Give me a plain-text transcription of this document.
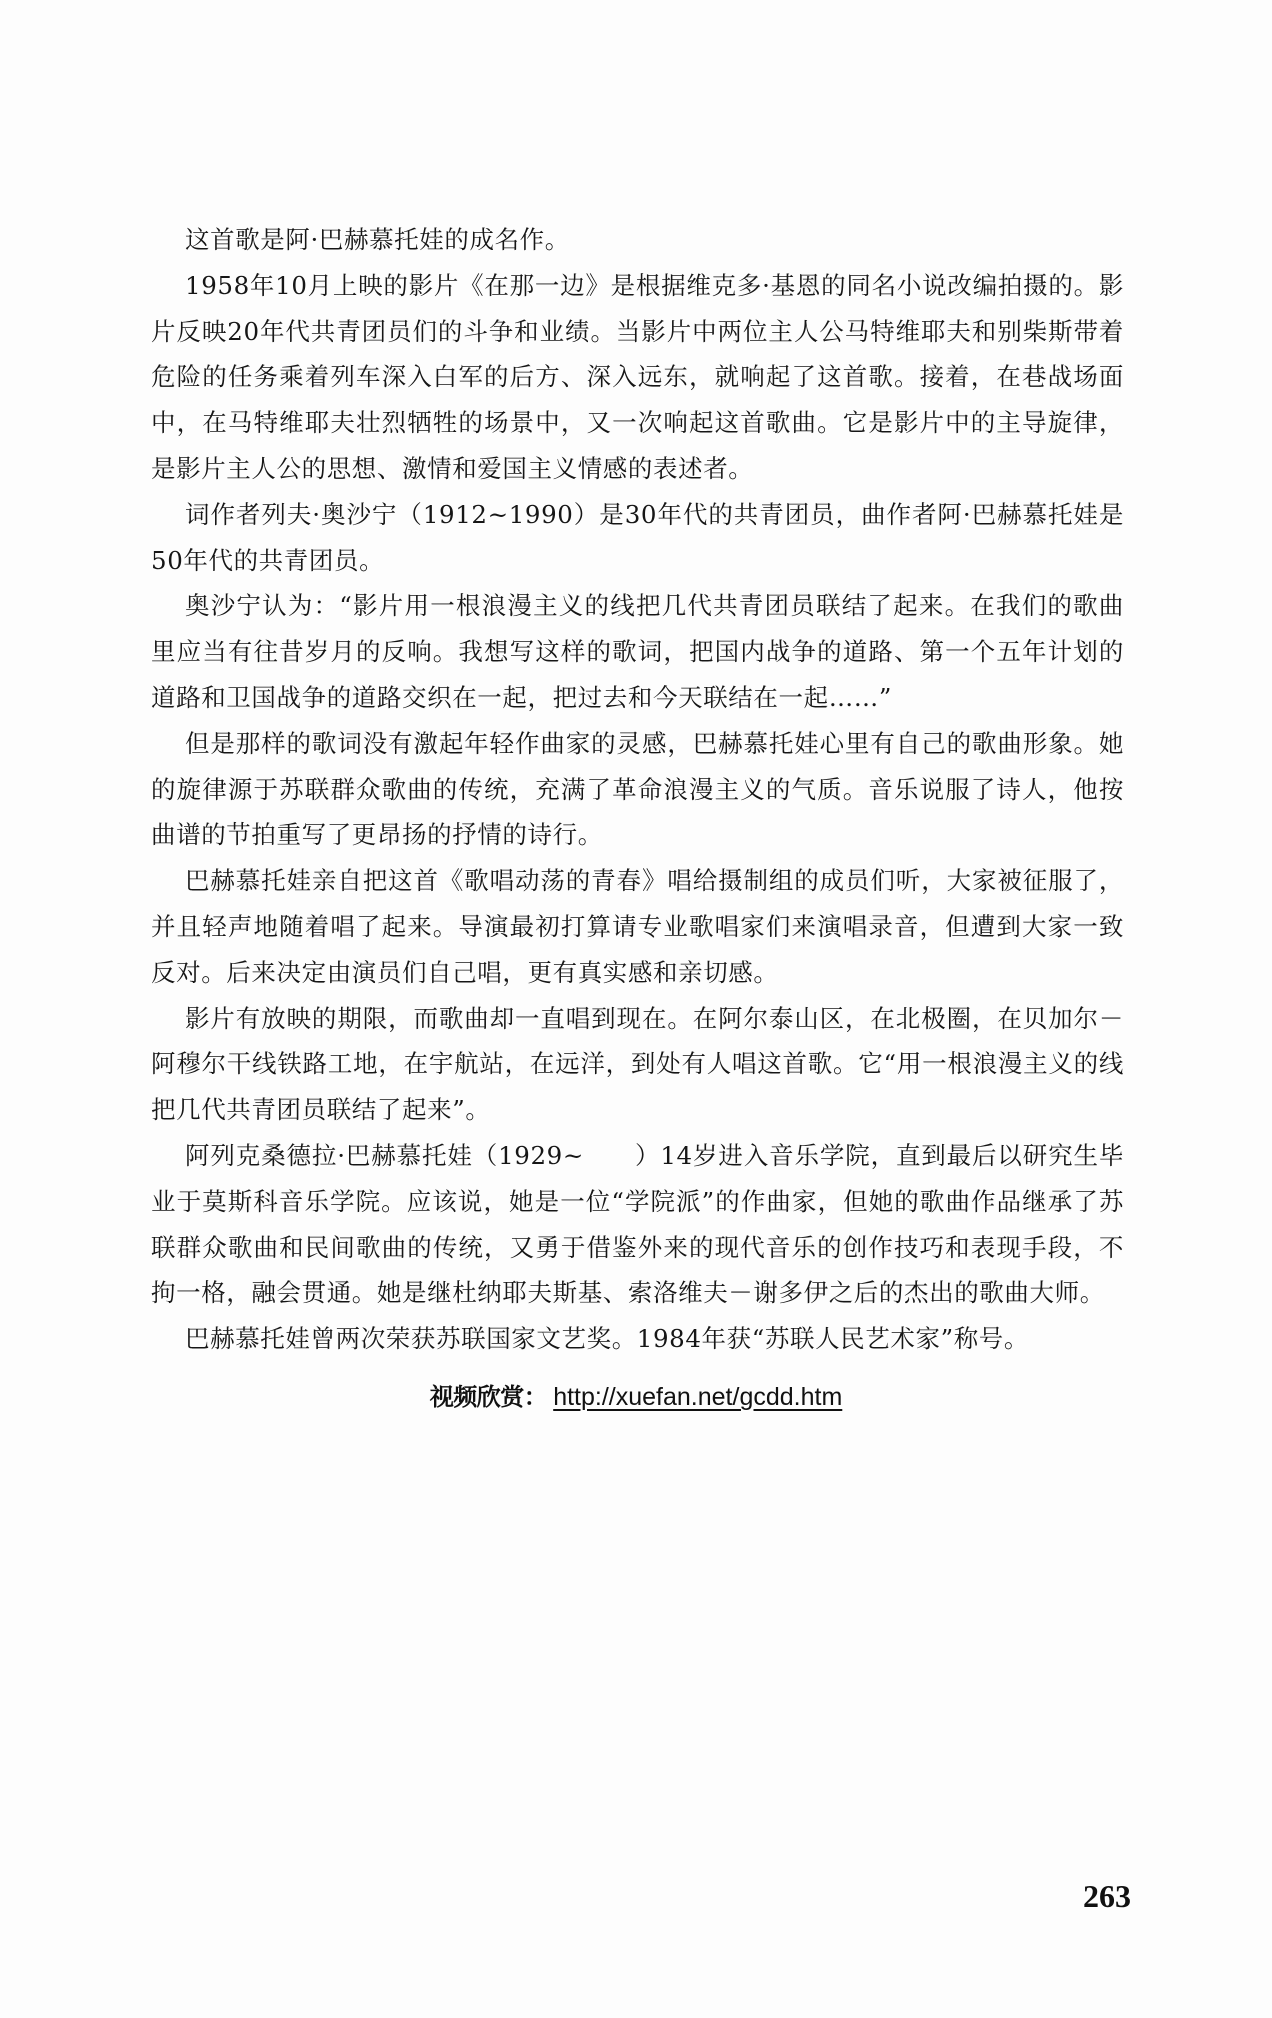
这首歌是阿·巴赫慕托娃的成名作。

1958年10月上映的影片《在那一边》是根据维克多·基恩的同名小说改编拍摄的。影片反映20年代共青团员们的斗争和业绩。当影片中两位主人公马特维耶夫和别柴斯带着危险的任务乘着列车深入白军的后方、深入远东，就响起了这首歌。接着，在巷战场面中，在马特维耶夫壮烈牺牲的场景中，又一次响起这首歌曲。它是影片中的主导旋律，是影片主人公的思想、激情和爱国主义情感的表述者。

词作者列夫·奥沙宁（1912~1990）是30年代的共青团员，曲作者阿·巴赫慕托娃是50年代的共青团员。

奥沙宁认为：“影片用一根浪漫主义的线把几代共青团员联结了起来。在我们的歌曲里应当有往昔岁月的反响。我想写这样的歌词，把国内战争的道路、第一个五年计划的道路和卫国战争的道路交织在一起，把过去和今天联结在一起……”

但是那样的歌词没有激起年轻作曲家的灵感，巴赫慕托娃心里有自己的歌曲形象。她的旋律源于苏联群众歌曲的传统，充满了革命浪漫主义的气质。音乐说服了诗人，他按曲谱的节拍重写了更昂扬的抒情的诗行。

巴赫慕托娃亲自把这首《歌唱动荡的青春》唱给摄制组的成员们听，大家被征服了，并且轻声地随着唱了起来。导演最初打算请专业歌唱家们来演唱录音，但遭到大家一致反对。后来决定由演员们自己唱，更有真实感和亲切感。

影片有放映的期限，而歌曲却一直唱到现在。在阿尔泰山区，在北极圈，在贝加尔－阿穆尔干线铁路工地，在宇航站，在远洋，到处有人唱这首歌。它“用一根浪漫主义的线把几代共青团员联结了起来”。

阿列克桑德拉·巴赫慕托娃（1929~　　）14岁进入音乐学院，直到最后以研究生毕业于莫斯科音乐学院。应该说，她是一位“学院派”的作曲家，但她的歌曲作品继承了苏联群众歌曲和民间歌曲的传统，又勇于借鉴外来的现代音乐的创作技巧和表现手段，不拘一格，融会贯通。她是继杜纳耶夫斯基、索洛维夫－谢多伊之后的杰出的歌曲大师。

巴赫慕托娃曾两次荣获苏联国家文艺奖。1984年获“苏联人民艺术家”称号。

视频欣赏： http://xuefan.net/gcdd.htm
263
